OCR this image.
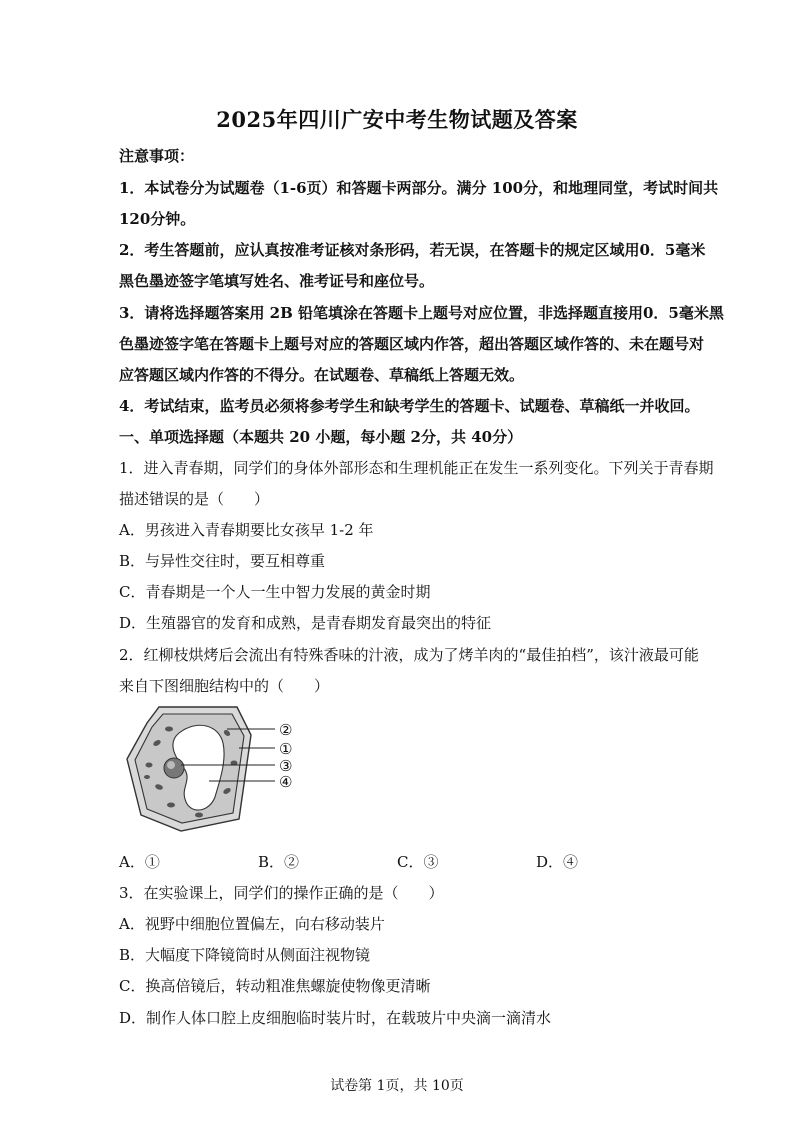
2025年四川广安中考生物试题及答案
注意事项：
1．本试卷分为试题卷（1-6页）和答题卡两部分。满分 100分，和地理同堂，考试时间共
120分钟。
2．考生答题前，应认真按准考证核对条形码，若无误，在答题卡的规定区域用0．5毫米
黑色墨迹签字笔填写姓名、准考证号和座位号。
3．请将选择题答案用 2B 铅笔填涂在答题卡上题号对应位置，非选择题直接用0．5毫米黑
色墨迹签字笔在答题卡上题号对应的答题区域内作答，超出答题区域作答的、未在题号对
应答题区域内作答的不得分。在试题卷、草稿纸上答题无效。
4．考试结束，监考员必须将参考学生和缺考学生的答题卡、试题卷、草稿纸一并收回。
一、单项选择题（本题共 20 小题，每小题 2分，共 40分）
1．进入青春期，同学们的身体外部形态和生理机能正在发生一系列变化。下列关于青春期
描述错误的是（　　）
A．男孩进入青春期要比女孩早 1-2 年
B．与异性交往时，要互相尊重
C．青春期是一个人一生中智力发展的黄金时期
D．生殖器官的发育和成熟，是青春期发育最突出的特征
2．红柳枝烘烤后会流出有特殊香味的汁液，成为了烤羊肉的“最佳拍档”，该汁液最可能
来自下图细胞结构中的（　　）
②
①
③
④
A．①	B．②	C．③	D．④
3．在实验课上，同学们的操作正确的是（　　）
A．视野中细胞位置偏左，向右移动装片
B．大幅度下降镜筒时从侧面注视物镜
C．换高倍镜后，转动粗准焦螺旋使物像更清晰
D．制作人体口腔上皮细胞临时装片时，在载玻片中央滴一滴清水
试卷第 1页，共 10页
